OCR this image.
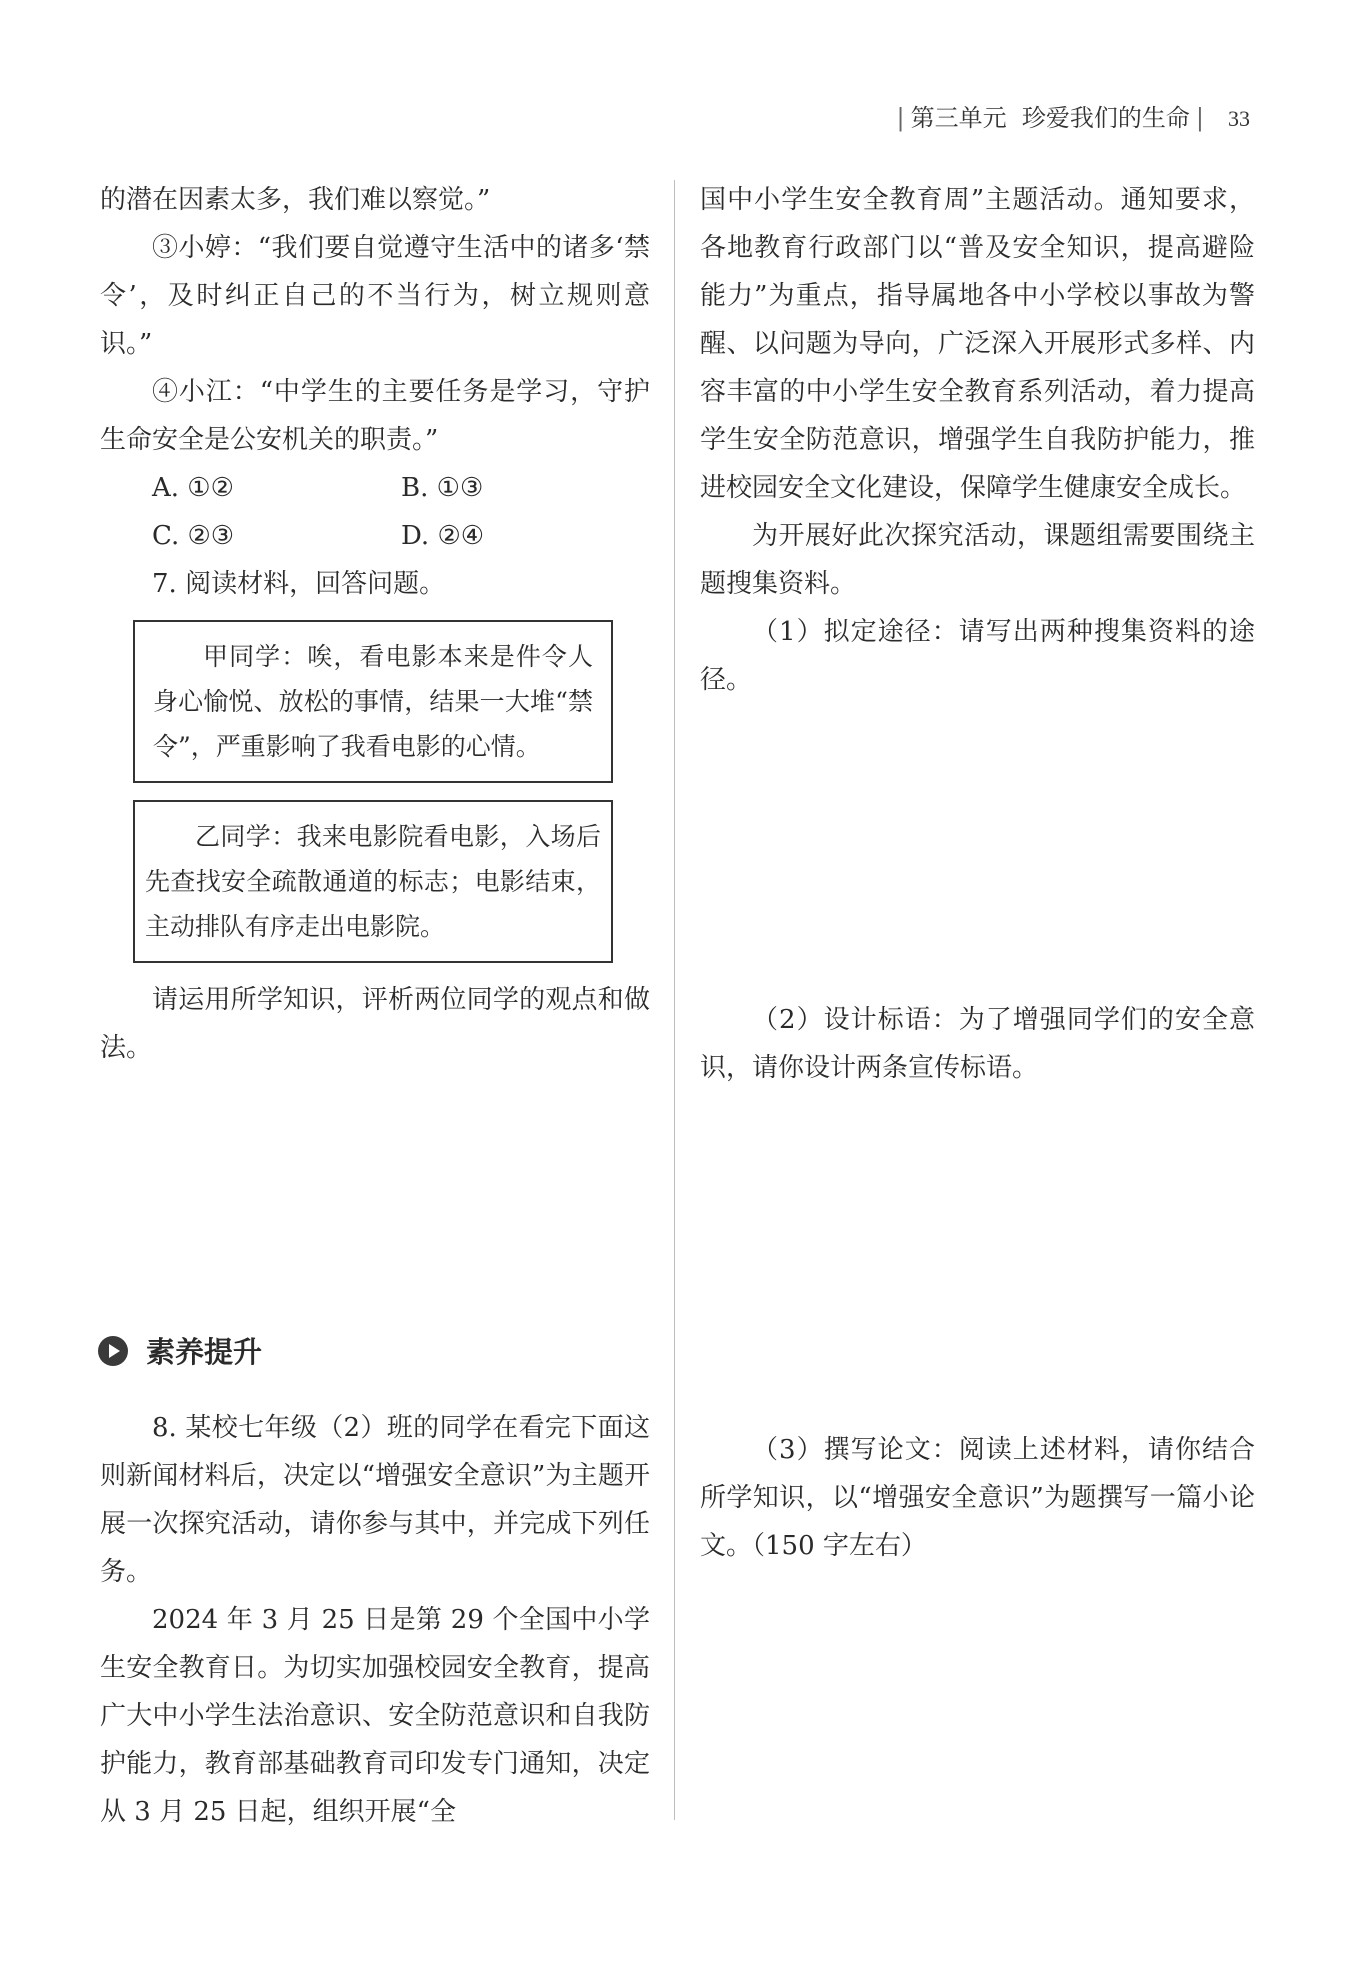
| 第三单元 珍爱我们的生命 | 33

的潜在因素太多，我们难以察觉。”

③小婷：“我们要自觉遵守生活中的诸多‘禁令’，及时纠正自己的不当行为，树立规则意识。”

④小江：“中学生的主要任务是学习，守护生命安全是公安机关的职责。”

A. ①②	B. ①③
C. ②③	D. ②④

7. 阅读材料，回答问题。

甲同学：唉，看电影本来是件令人身心愉悦、放松的事情，结果一大堆“禁令”，严重影响了我看电影的心情。

乙同学：我来电影院看电影，入场后先查找安全疏散通道的标志；电影结束，主动排队有序走出电影院。

请运用所学知识，评析两位同学的观点和做法。

素养提升

8. 某校七年级（2）班的同学在看完下面这则新闻材料后，决定以“增强安全意识”为主题开展一次探究活动，请你参与其中，并完成下列任务。

2024 年 3 月 25 日是第 29 个全国中小学生安全教育日。为切实加强校园安全教育，提高广大中小学生法治意识、安全防范意识和自我防护能力，教育部基础教育司印发专门通知，决定从 3 月 25 日起，组织开展“全

国中小学生安全教育周”主题活动。通知要求，各地教育行政部门以“普及安全知识，提高避险能力”为重点，指导属地各中小学校以事故为警醒、以问题为导向，广泛深入开展形式多样、内容丰富的中小学生安全教育系列活动，着力提高学生安全防范意识，增强学生自我防护能力，推进校园安全文化建设，保障学生健康安全成长。

为开展好此次探究活动，课题组需要围绕主题搜集资料。

（1）拟定途径：请写出两种搜集资料的途径。

（2）设计标语：为了增强同学们的安全意识，请你设计两条宣传标语。

（3）撰写论文：阅读上述材料，请你结合所学知识，以“增强安全意识”为题撰写一篇小论文。（150 字左右）
